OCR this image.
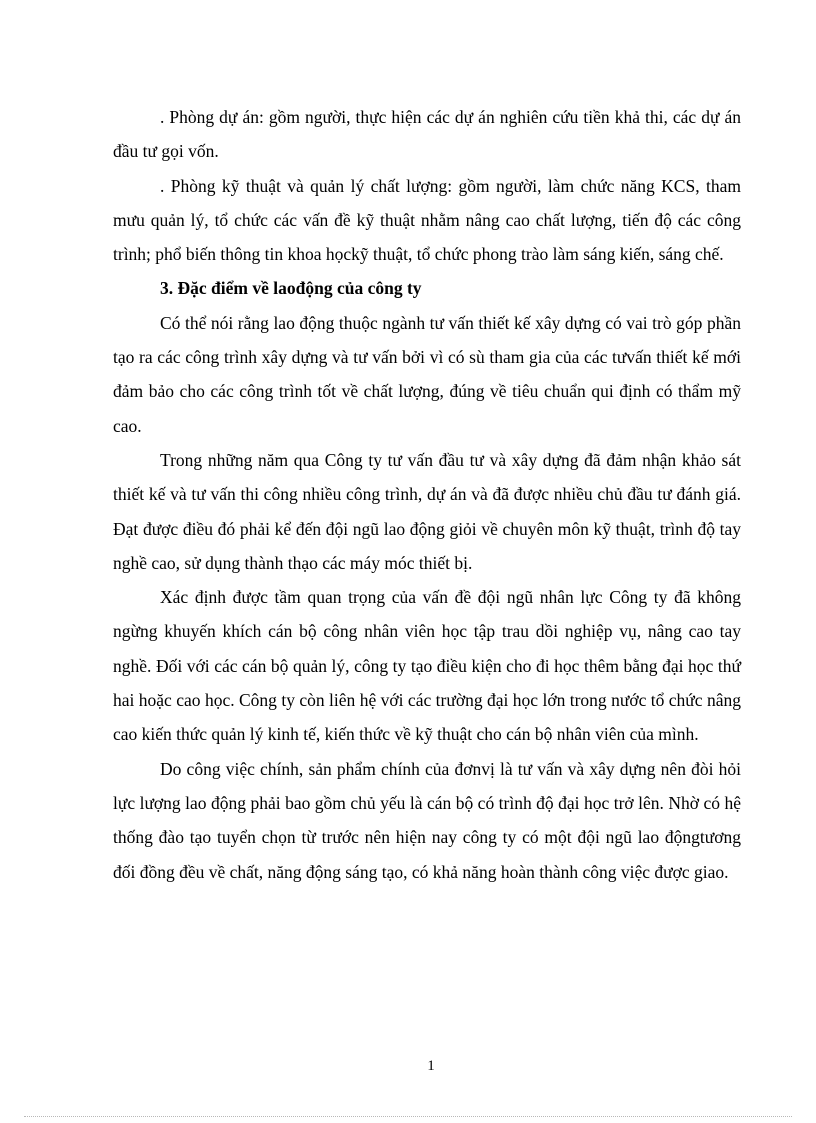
. Phòng dự án: gồm người, thực hiện các dự án nghiên cứu tiền khả thi, các dự án đầu tư gọi vốn.

. Phòng kỹ thuật và quản lý chất lượng: gồm người, làm chức năng KCS, tham mưu quản lý, tổ chức các vấn đề kỹ thuật nhằm nâng cao chất lượng, tiến độ các công trình; phổ biến thông tin khoa họckỹ thuật, tổ chức phong trào làm sáng kiến, sáng chế.

3. Đặc điểm về laođộng của công ty

Có thể nói rằng lao động thuộc ngành tư vấn thiết kế xây dựng có vai trò góp phần tạo ra các công trình xây dựng và tư vấn bởi vì có sù tham gia của các tưvấn thiết kế mới đảm bảo cho các công trình tốt về chất lượng, đúng về tiêu chuẩn qui định có thẩm mỹ cao.

Trong những năm qua Công ty tư vấn đầu tư và xây dựng đã đảm nhận khảo sát thiết kế và tư vấn thi công nhiều công trình, dự án và đã được nhiều chủ đầu tư đánh giá. Đạt được điều đó phải kể đến đội ngũ lao động giỏi về chuyên môn kỹ thuật, trình độ tay nghề cao, sử dụng thành thạo các máy móc thiết bị.

Xác định được tầm quan trọng của vấn đề đội ngũ nhân lực Công ty đã không ngừng khuyến khích cán bộ công nhân viên học tập trau dồi nghiệp vụ, nâng cao tay nghề. Đối với các cán bộ quản lý, công ty tạo điều kiện cho đi học thêm bằng đại học thứ hai hoặc cao học. Công ty còn liên hệ với các trường đại học lớn trong nước tổ chức nâng cao kiến thức quản lý kinh tế, kiến thức về kỹ thuật cho cán bộ nhân viên của mình.

Do công việc chính, sản phẩm chính của đơnvị là tư vấn và xây dựng nên đòi hỏi lực lượng lao động phải bao gồm chủ yếu là cán bộ có trình độ đại học trở lên. Nhờ có hệ thống đào tạo tuyển chọn từ trước nên hiện nay công ty có một đội ngũ lao độngtương đối đồng đều về chất, năng động sáng tạo, có khả năng hoàn thành công việc được giao.

1
